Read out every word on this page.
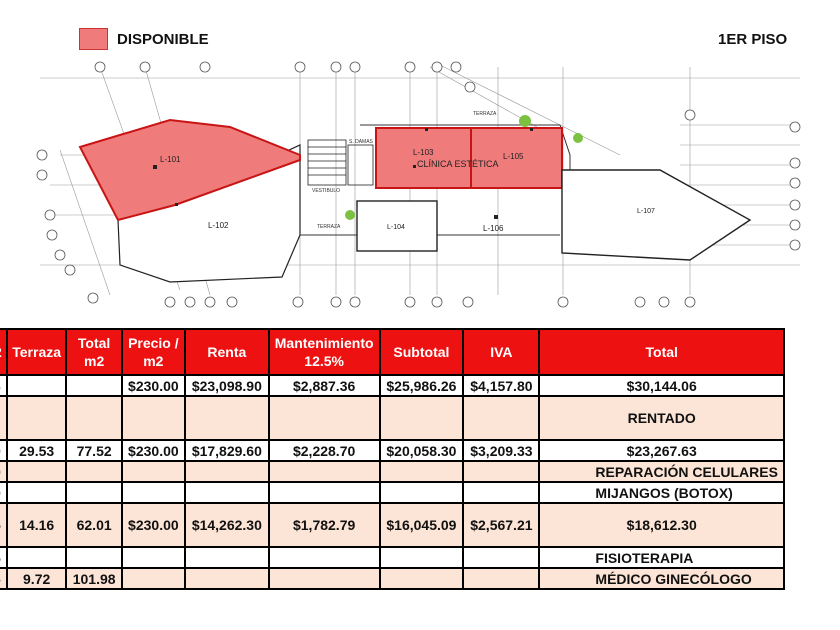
DISPONIBLE	1ER PISO
L-101
L-102
L-103	L-105
CLÍNICA ESTÉTICA
L-104	L-106
L-107
TERRAZA
TERRAZA
VESTIBULO
S. DAMAS
	Terraza	Total m2	Precio / m2	Renta	Mantenimiento 12.5%	Subtotal	IVA	Total
			$230.00	$23,098.90	$2,887.36	$25,986.26	$4,157.80	$30,144.06
								RENTADO
	29.53	77.52	$230.00	$17,829.60	$2,228.70	$20,058.30	$3,209.33	$23,267.63
								REPARACIÓN CELULARES
								MIJANGOS (BOTOX)
	14.16	62.01	$230.00	$14,262.30	$1,782.79	$16,045.09	$2,567.21	$18,612.30
								FISIOTERAPIA
	9.72	101.98						MÉDICO GINECÓLOGO
